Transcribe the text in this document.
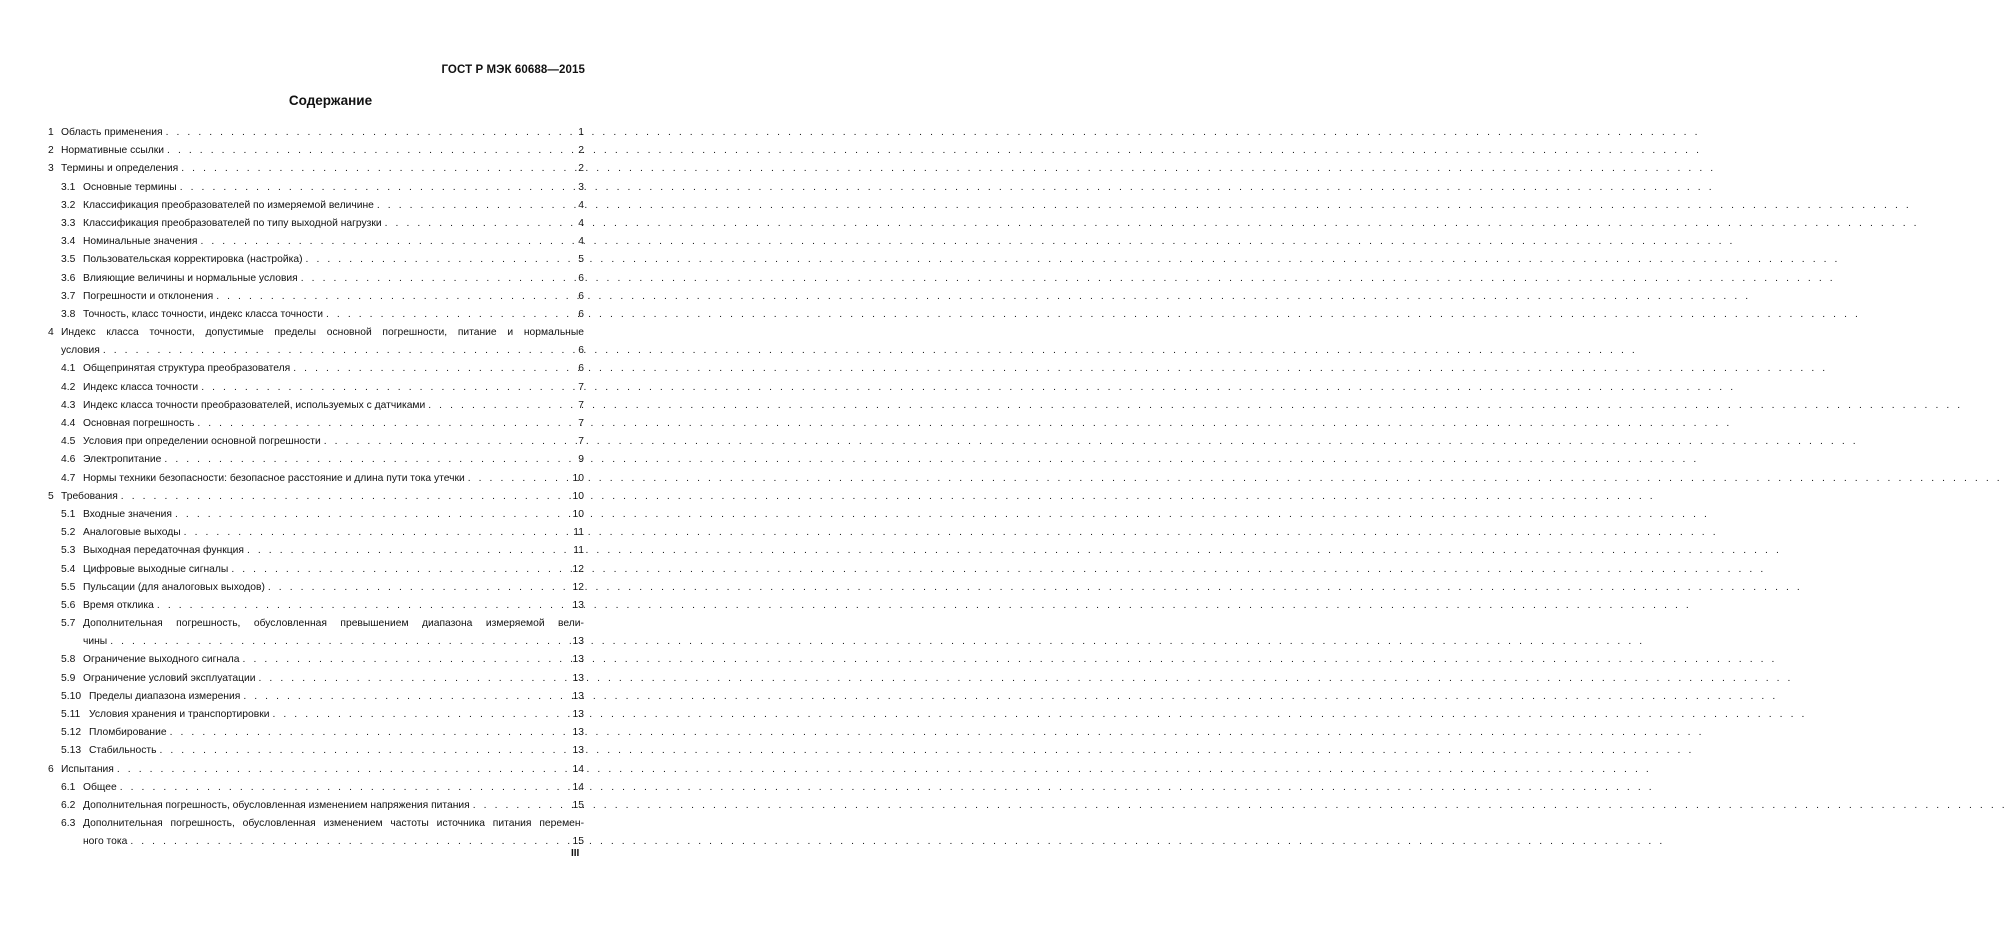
ГОСТ Р МЭК 60688—2015
Содержание
1 Область применения . . .	1
2 Нормативные ссылки . . .	2
3 Термины и определения . . .	2
3.1 Основные термины . . .	3
3.2 Классификация преобразователей по измеряемой величине . . .	4
3.3 Классификация преобразователей по типу выходной нагрузки . . .	4
3.4 Номинальные значения . . .	4
3.5 Пользовательская корректировка (настройка) . . .	5
3.6 Влияющие величины и нормальные условия . . .	6
3.7 Погрешности и отклонения . . .	6
3.8 Точность, класс точности, индекс класса точности . . .	6
4 Индекс класса точности, допустимые пределы основной погрешности, питание и нормальные
условия . . .	6
4.1 Общепринятая структура преобразователя . . .	6
4.2 Индекс класса точности . . .	7
4.3 Индекс класса точности преобразователей, используемых с датчиками . . .	7
4.4 Основная погрешность . . .	7
4.5 Условия при определении основной погрешности . . .	7
4.6 Электропитание . . .	9
4.7 Нормы техники безопасности: безопасное расстояние и длина пути тока утечки . . .	10
5 Требования . . .	10
5.1 Входные значения . . .	10
5.2 Аналоговые выходы . . .	11
5.3 Выходная передаточная функция . . .	11
5.4 Цифровые выходные сигналы . . .	12
5.5 Пульсации (для аналоговых выходов) . . .	12
5.6 Время отклика . . .	13
5.7 Дополнительная погрешность, обусловленная превышением диапазона измеряемой вели-
чины . . .	13
5.8 Ограничение выходного сигнала . . .	13
5.9 Ограничение условий эксплуатации . . .	13
5.10 Пределы диапазона измерения . . .	13
5.11 Условия хранения и транспортировки . . .	13
5.12 Пломбирование . . .	13
5.13 Стабильность . . .	13
6 Испытания . . .	14
6.1 Общее . . .	14
6.2 Дополнительная погрешность, обусловленная изменением напряжения питания . . .	15
6.3 Дополнительная погрешность, обусловленная изменением частоты источника питания перемен-
ного тока . . .	15
III
